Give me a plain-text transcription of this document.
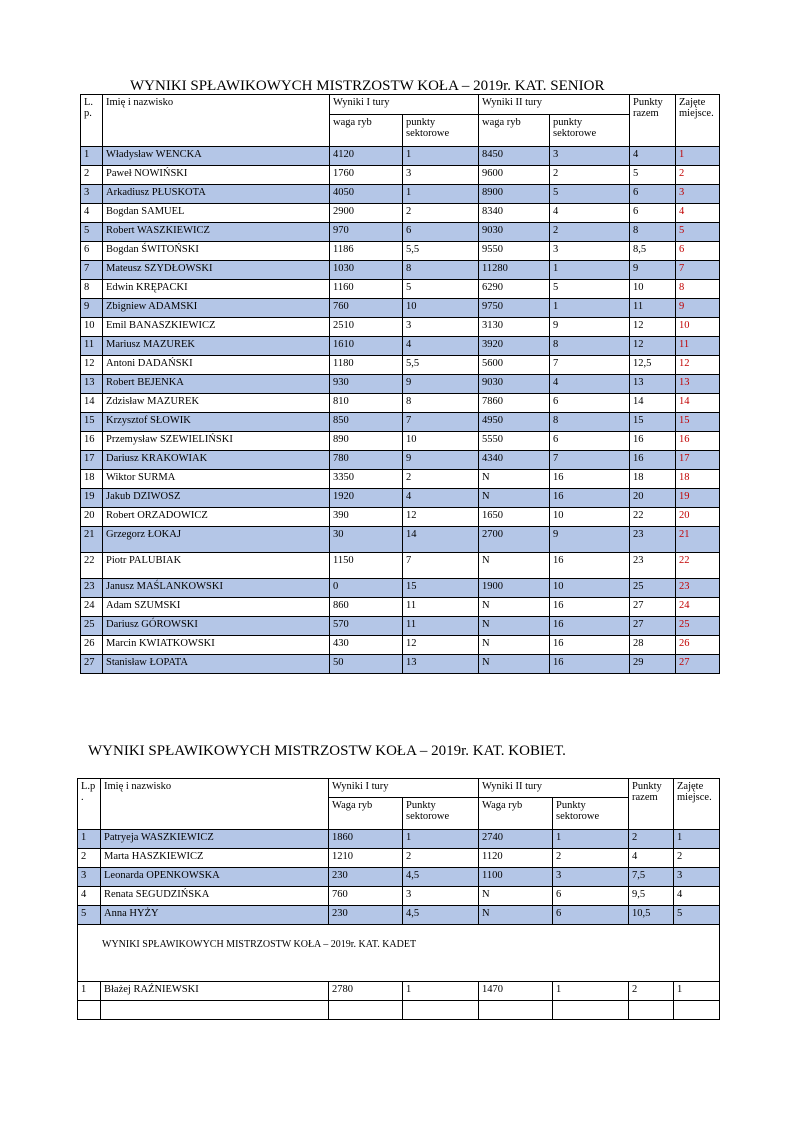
WYNIKI SPŁAWIKOWYCH MISTRZOSTW KOŁA – 2019r. KAT. SENIOR
L. p.	Imię i nazwisko	Wyniki I tury		Wyniki II tury		Punkty razem	Zajęte miejsce.
		waga ryb	punkty sektorowe	waga ryb	punkty sektorowe		
1	Władysław WENCKA	4120	1	8450	3	4	1
2	Paweł NOWIŃSKI	1760	3	9600	2	5	2
3	Arkadiusz PŁUSKOTA	4050	1	8900	5	6	3
4	Bogdan SAMUEL	2900	2	8340	4	6	4
5	Robert WASZKIEWICZ	970	6	9030	2	8	5
6	Bogdan ŚWITOŃSKI	1186	5,5	9550	3	8,5	6
7	Mateusz SZYDŁOWSKI	1030	8	11280	1	9	7
8	Edwin KRĘPACKI	1160	5	6290	5	10	8
9	Zbigniew ADAMSKI	760	10	9750	1	11	9
10	Emil BANASZKIEWICZ	2510	3	3130	9	12	10
11	Mariusz MAZUREK	1610	4	3920	8	12	11
12	Antoni DADAŃSKI	1180	5,5	5600	7	12,5	12
13	Robert BEJENKA	930	9	9030	4	13	13
14	Zdzisław MAZUREK	810	8	7860	6	14	14
15	Krzysztof SŁOWIK	850	7	4950	8	15	15
16	Przemysław SZEWIELIŃSKI	890	10	5550	6	16	16
17	Dariusz KRAKOWIAK	780	9	4340	7	16	17
18	Wiktor SURMA	3350	2	N	16	18	18
19	Jakub DZIWOSZ	1920	4	N	16	20	19
20	Robert ORZADOWICZ	390	12	1650	10	22	20
21	Grzegorz ŁOKAJ	30	14	2700	9	23	21
22	Piotr PALUBIAK	1150	7	N	16	23	22
23	Janusz MAŚLANKOWSKI	0	15	1900	10	25	23
24	Adam SZUMSKI	860	11	N	16	27	24
25	Dariusz GÓROWSKI	570	11	N	16	27	25
26	Marcin KWIATKOWSKI	430	12	N	16	28	26
27	Stanisław ŁOPATA	50	13	N	16	29	27
WYNIKI SPŁAWIKOWYCH MISTRZOSTW KOŁA – 2019r. KAT. KOBIET.
L.p .	Imię i nazwisko	Wyniki I tury		Wyniki II tury		Punkty razem	Zajęte miejsce.
		Waga ryb	Punkty sektorowe	Waga ryb	Punkty sektorowe		
1	Patryeja WASZKIEWICZ	1860	1	2740	1	2	1
2	Marta HASZKIEWICZ	1210	2	1120	2	4	2
3	Leonarda OPENKOWSKA	230	4,5	1100	3	7,5	3
4	Renata SEGUDZIŃSKA	760	3	N	6	9,5	4
5	Anna HYŻY	230	4,5	N	6	10,5	5
WYNIKI SPŁAWIKOWYCH MISTRZOSTW KOŁA – 2019r. KAT. KADET							
1	Błażej RAŹNIEWSKI	2780	1	1470	1	2	1
